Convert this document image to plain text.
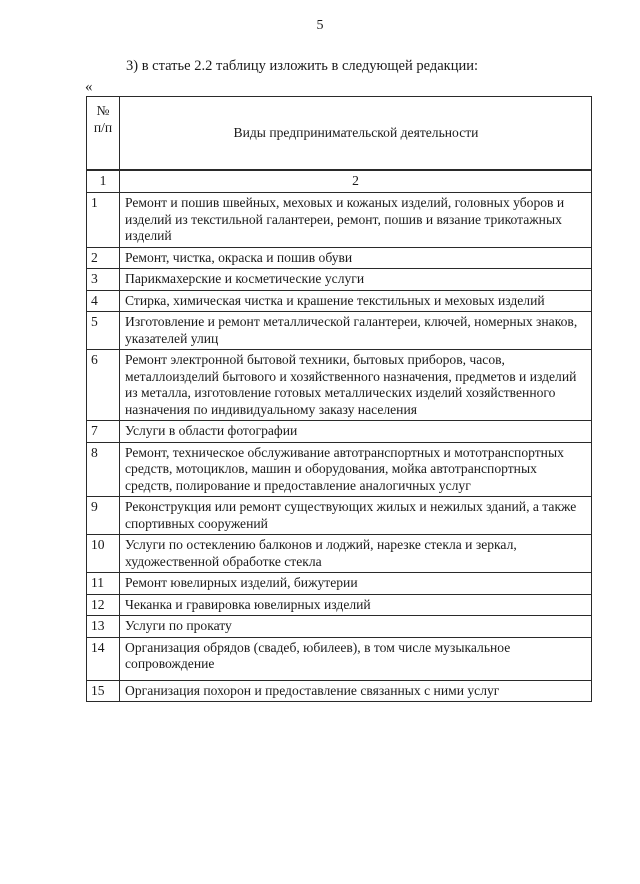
5
3) в статье 2.2 таблицу изложить в следующей редакции:
«
№
п/п	Виды предпринимательской деятельности

1	2
1	Ремонт и пошив швейных, меховых и кожаных изделий, головных уборов и изделий из текстильной галантереи, ремонт, пошив и вязание трикотажных изделий
2	Ремонт, чистка, окраска и пошив обуви
3	Парикмахерские и косметические услуги
4	Стирка, химическая чистка и крашение текстильных и меховых изделий
5	Изготовление и ремонт металлической галантереи, ключей, номерных знаков, указателей улиц
6	Ремонт электронной бытовой техники, бытовых приборов, часов, металлоизделий бытового и хозяйственного назначения, предметов и изделий из металла, изготовление готовых металлических изделий хозяйственного назначения по индивидуальному заказу населения
7	Услуги в области фотографии
8	Ремонт, техническое обслуживание автотранспортных и мототранспортных средств, мотоциклов, машин и оборудования, мойка автотранспортных средств, полирование и предоставление аналогичных услуг
9	Реконструкция или ремонт существующих жилых и нежилых зданий, а также спортивных сооружений
10	Услуги по остеклению балконов и лоджий, нарезке стекла и зеркал, художественной обработке стекла
11	Ремонт ювелирных изделий, бижутерии
12	Чеканка и гравировка ювелирных изделий
13	Услуги по прокату
14	Организация обрядов (свадеб, юбилеев), в том числе музыкальное сопровождение
15	Организация похорон и предоставление связанных с ними услуг
